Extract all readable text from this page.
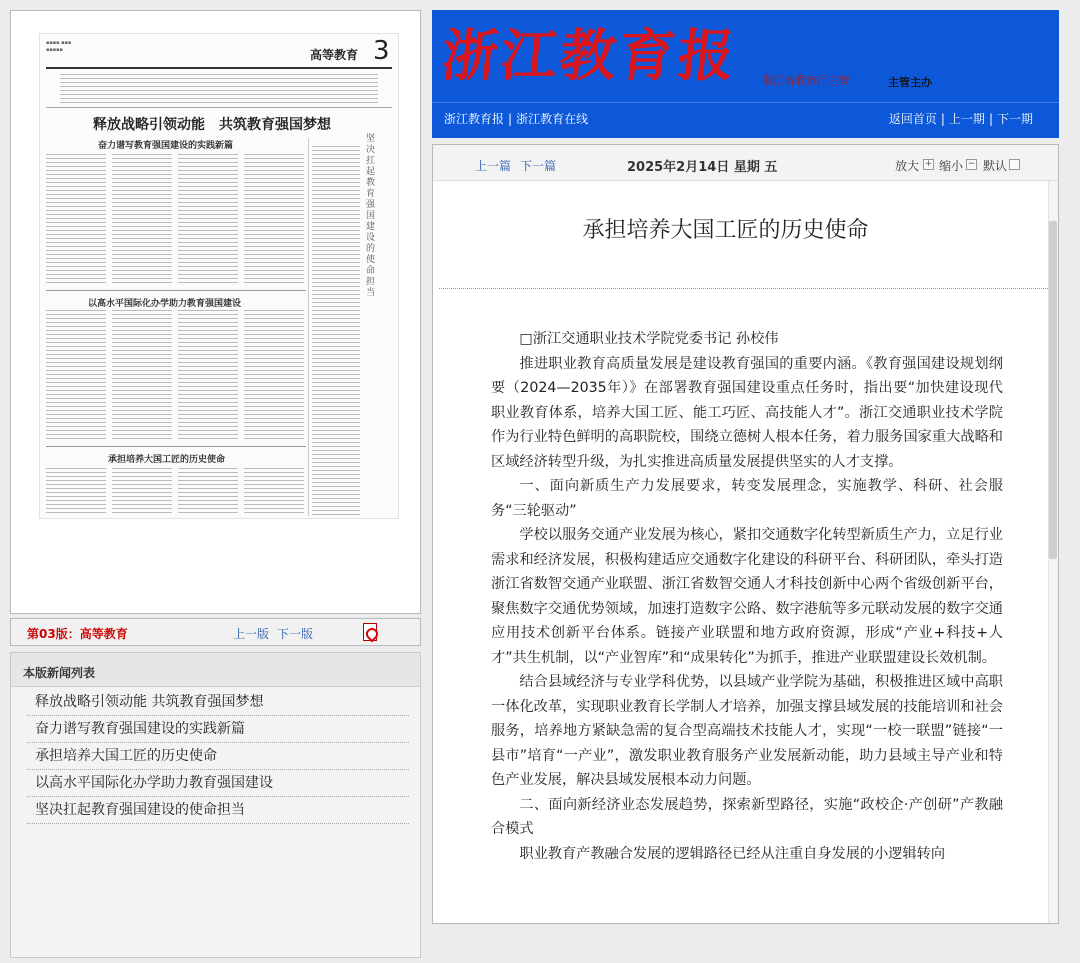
▪▪▪▪ ▪▪▪
▪▪▪▪▪	高等教育 3
释放战略引领动能　共筑教育强国梦想
奋力谱写教育强国建设的实践新篇
以高水平国际化办学助力教育强国建设
承担培养大国工匠的历史使命
坚决扛起教育强国建设的使命担当
第03版：高等教育	上一版 下一版
本版新闻列表
释放战略引领动能 共筑教育强国梦想
奋力谱写教育强国建设的实践新篇
承担培养大国工匠的历史使命
以高水平国际化办学助力教育强国建设
坚决扛起教育强国建设的使命担当
浙江教育报 浙江省教育厅主管	主管主办
浙江教育报 | 浙江教育在线	返回首页 | 上一期 | 下一期
上一篇 下一篇	2025年2月14日 星期 五	放大 + 缩小 − 默认
承担培养大国工匠的历史使命

□浙江交通职业技术学院党委书记 孙校伟

推进职业教育高质量发展是建设教育强国的重要内涵。《教育强国建设规划纲要（2024—2035年）》在部署教育强国建设重点任务时，指出要“加快建设现代职业教育体系，培养大国工匠、能工巧匠、高技能人才”。浙江交通职业技术学院作为行业特色鲜明的高职院校，围绕立德树人根本任务，着力服务国家重大战略和区域经济转型升级，为扎实推进高质量发展提供坚实的人才支撑。

一、面向新质生产力发展要求，转变发展理念，实施教学、科研、社会服务“三轮驱动”

学校以服务交通产业发展为核心，紧扣交通数字化转型新质生产力，立足行业需求和经济发展，积极构建适应交通数字化建设的科研平台、科研团队，牵头打造浙江省数智交通产业联盟、浙江省数智交通人才科技创新中心两个省级创新平台，聚焦数字交通优势领域，加速打造数字公路、数字港航等多元联动发展的数字交通应用技术创新平台体系。链接产业联盟和地方政府资源，形成“产业+科技+人才”共生机制，以“产业智库”和“成果转化”为抓手，推进产业联盟建设长效机制。

结合县域经济与专业学科优势，以县域产业学院为基础，积极推进区域中高职一体化改革，实现职业教育长学制人才培养，加强支撑县域发展的技能培训和社会服务，培养地方紧缺急需的复合型高端技术技能人才，实现“一校一联盟”链接“一县市”培育“一产业”，激发职业教育服务产业发展新动能，助力县域主导产业和特色产业发展，解决县域发展根本动力问题。

二、面向新经济业态发展趋势，探索新型路径，实施“政校企·产创研”产教融合模式

职业教育产教融合发展的逻辑路径已经从注重自身发展的小逻辑转向
